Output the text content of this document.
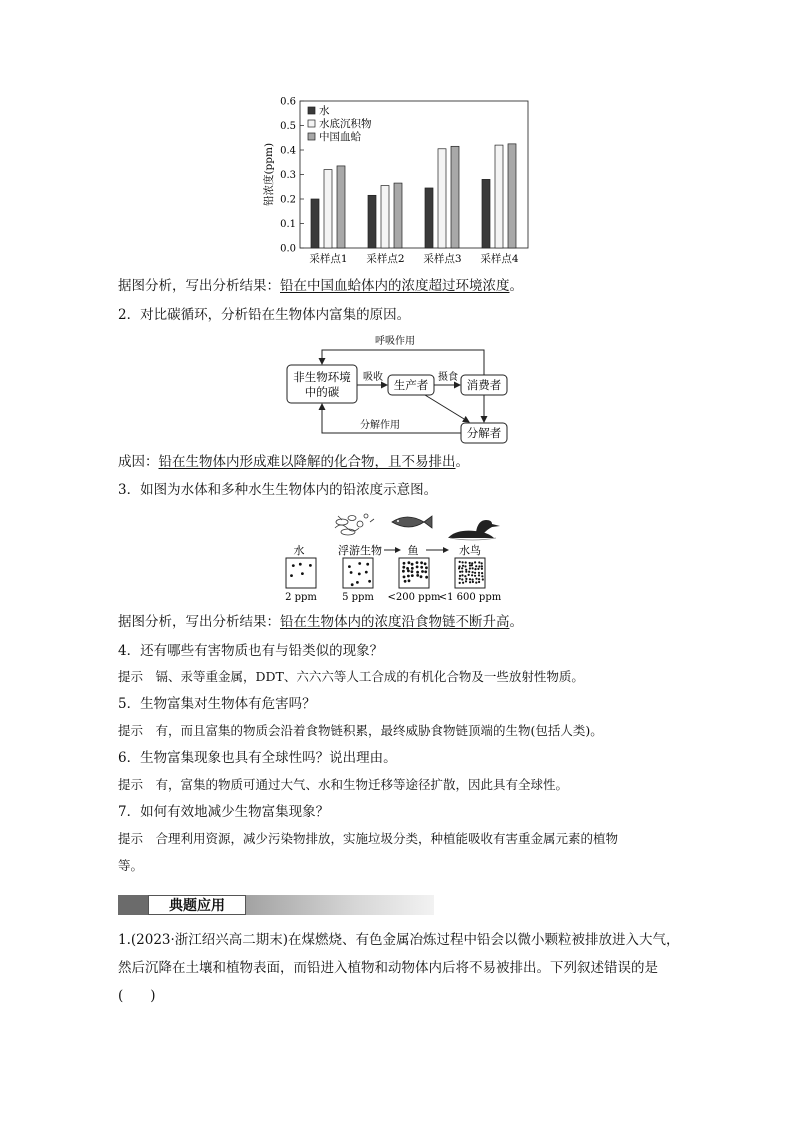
0.0
0.1
0.2
0.3
0.4
0.5
0.6
铅浓度(ppm)
采样点1 采样点2 采样点3 采样点4
水
水底沉积物
中国血蛤
据图分析，写出分析结果：铅在中国血蛤体内的浓度超过环境浓度。
2．对比碳循环，分析铅在生物体内富集的原因。
非生物环境
中的碳	生产者	消费者
分解者
呼吸作用
吸收	摄食
分解作用
成因：铅在生物体内形成难以降解的化合物，且不易排出。
3．如图为水体和多种水生生物体内的铅浓度示意图。
水	浮游生物 鱼	水鸟
2 ppm	5 ppm <200 ppm
<1 600 ppm
据图分析，写出分析结果：铅在生物体内的浓度沿食物链不断升高。
4．还有哪些有害物质也有与铅类似的现象？
提示　镉、汞等重金属，DDT、六六六等人工合成的有机化合物及一些放射性物质。
5．生物富集对生物体有危害吗？
提示　有，而且富集的物质会沿着食物链积累，最终威胁食物链顶端的生物(包括人类)。
6．生物富集现象也具有全球性吗？说出理由。
提示　有，富集的物质可通过大气、水和生物迁移等途径扩散，因此具有全球性。
7．如何有效地减少生物富集现象？
提示　合理利用资源，减少污染物排放，实施垃圾分类，种植能吸收有害重金属元素的植物
等。
典题应用
1.(2023·浙江绍兴高二期末)在煤燃烧、有色金属冶炼过程中铅会以微小颗粒被排放进入大气，
然后沉降在土壤和植物表面，而铅进入植物和动物体内后将不易被排出。下列叙述错误的是
(　　)
